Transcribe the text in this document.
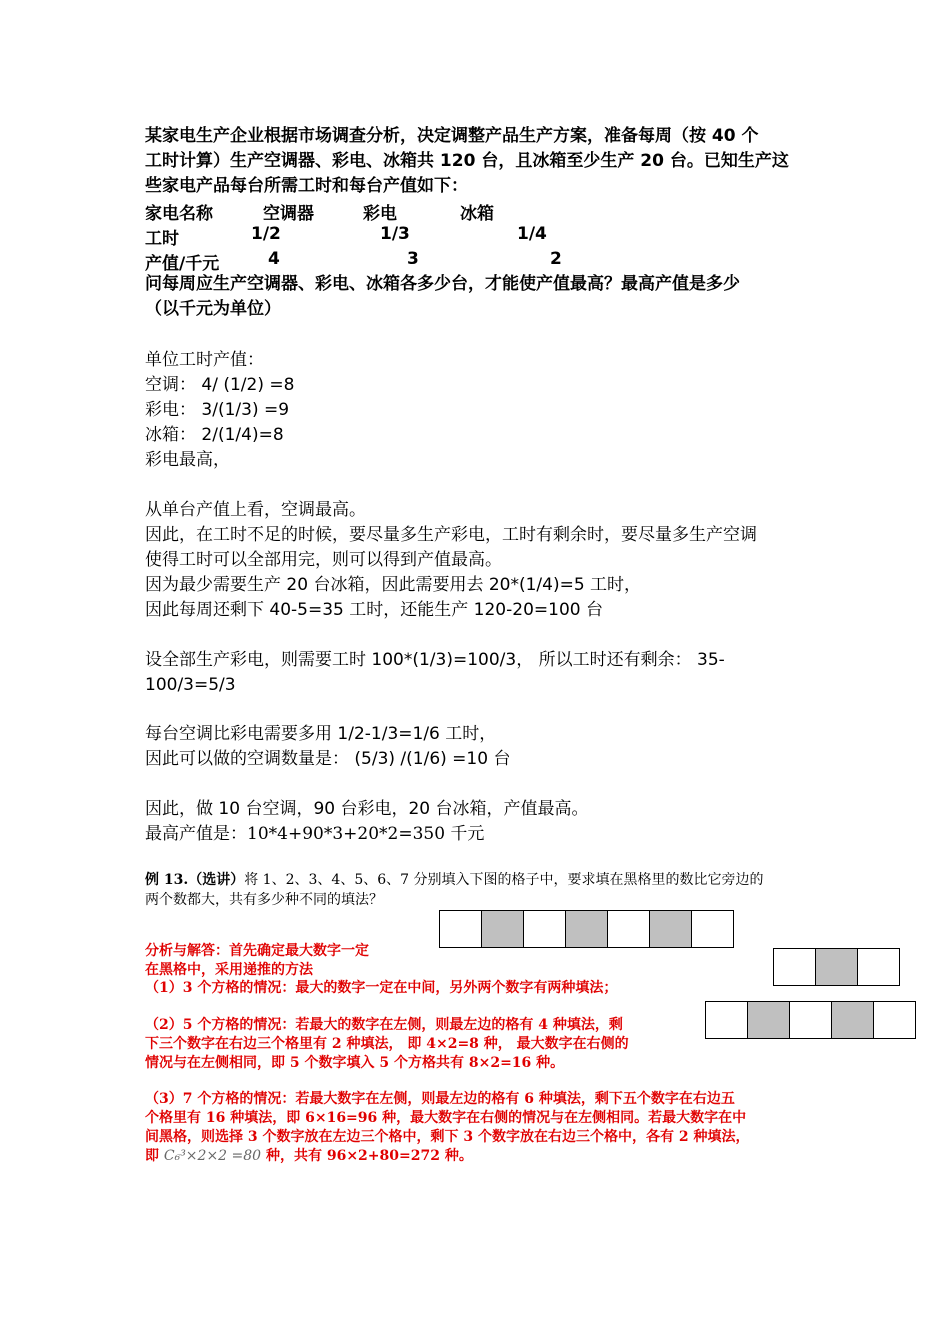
某家电生产企业根据市场调查分析，决定调整产品生产方案，准备每周（按 40 个

工时计算）生产空调器、彩电、冰箱共 120 台，且冰箱至少生产 20 台。已知生产这

些家电产品每台所需工时和每台产值如下：

家电名称	空调器	彩电	冰箱
工时	1/2	1/3	1/4
产值/千元	4	3	2

问每周应生产空调器、彩电、冰箱各多少台，才能使产值最高？最高产值是多少

（以千元为单位）

单位工时产值：

空调： 4/ (1/2) =8

彩电： 3/(1/3) =9

冰箱： 2/(1/4)=8

彩电最高，

从单台产值上看，空调最高。

因此，在工时不足的时候，要尽量多生产彩电，工时有剩余时，要尽量多生产空调

使得工时可以全部用完，则可以得到产值最高。

因为最少需要生产 20 台冰箱，因此需要用去 20*(1/4)=5 工时，

因此每周还剩下 40-5=35 工时，还能生产 120-20=100 台

设全部生产彩电，则需要工时 100*(1/3)=100/3， 所以工时还有剩余： 35-

100/3=5/3

每台空调比彩电需要多用 1/2-1/3=1/6 工时，

因此可以做的空调数量是： (5/3) /(1/6) =10 台

因此，做 10 台空调，90 台彩电，20 台冰箱，产值最高。

最高产值是：10*4+90*3+20*2=350 千元

例 13.（选讲）将 1、2、3、4、5、6、7 分别填入下图的格子中，要求填在黑格里的数比它旁边的
两个数都大，共有多少种不同的填法？
分析与解答：首先确定最大数字一定
在黑格中，采用递推的方法
（1）3 个方格的情况：最大的数字一定在中间，另外两个数字有两种填法；
（2）5 个方格的情况：若最大的数字在左侧，则最左边的格有 4 种填法，剩
下三个数字在右边三个格里有 2 种填法， 即 4×2=8 种， 最大数字在右侧的
情况与在左侧相同，即 5 个数字填入 5 个方格共有 8×2=16 种。
（3）7 个方格的情况：若最大数字在左侧，则最左边的格有 6 种填法，剩下五个数字在右边五
个格里有 16 种填法，即 6×16=96 种，最大数字在右侧的情况与在左侧相同。若最大数字在中
间黑格，则选择 3 个数字放在左边三个格中，剩下 3 个数字放在右边三个格中，各有 2 种填法，
即 C₆³×2×2 =80 种，共有 96×2+80=272 种。
